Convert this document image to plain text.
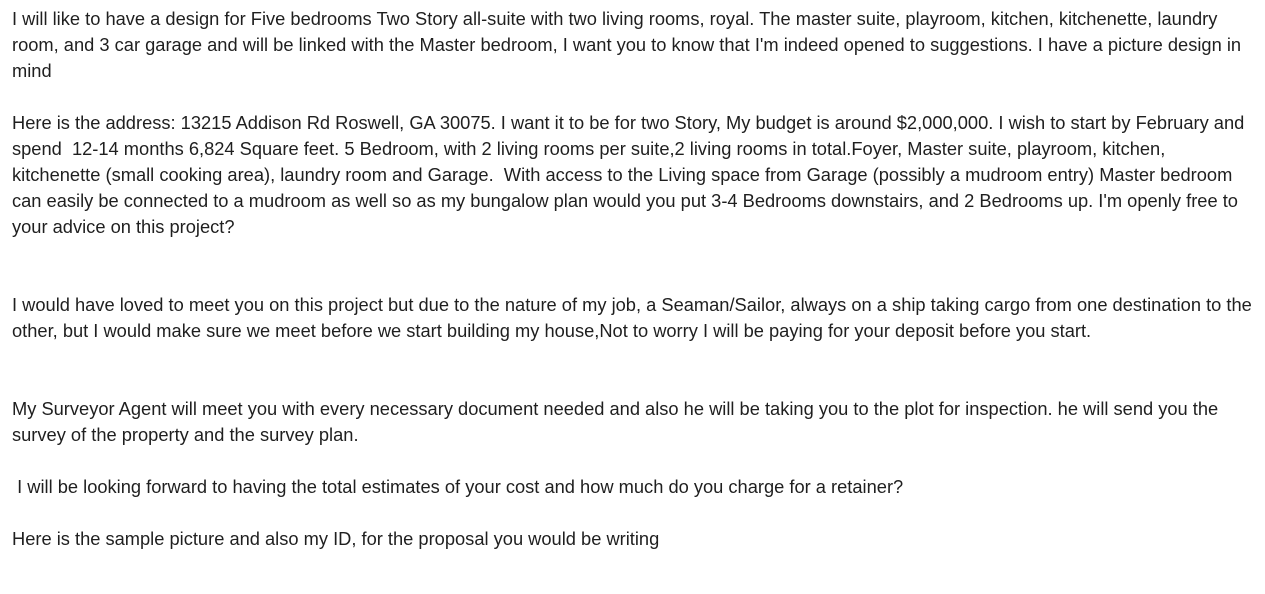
I will like to have a design for Five bedrooms Two Story all-suite with two living rooms, royal. The master suite, playroom, kitchen, kitchenette, laundry room, and 3 car garage and will be linked with the Master bedroom, I want you to know that I'm indeed opened to suggestions. I have a picture design in mind

Here is the address: 13215 Addison Rd Roswell, GA 30075. I want it to be for two Story, My budget is around $2,000,000. I wish to start by February and spend  12-14 months 6,824 Square feet. 5 Bedroom, with 2 living rooms per suite,2 living rooms in total.Foyer, Master suite, playroom, kitchen, kitchenette (small cooking area), laundry room and Garage.  With access to the Living space from Garage (possibly a mudroom entry) Master bedroom can easily be connected to a mudroom as well so as my bungalow plan would you put 3-4 Bedrooms downstairs, and 2 Bedrooms up. I'm openly free to your advice on this project?

I would have loved to meet you on this project but due to the nature of my job, a Seaman/Sailor, always on a ship taking cargo from one destination to the other, but I would make sure we meet before we start building my house,Not to worry I will be paying for your deposit before you start.

My Surveyor Agent will meet you with every necessary document needed and also he will be taking you to the plot for inspection. he will send you the survey of the property and the survey plan.

I will be looking forward to having the total estimates of your cost and how much do you charge for a retainer?

Here is the sample picture and also my ID, for the proposal you would be writing
